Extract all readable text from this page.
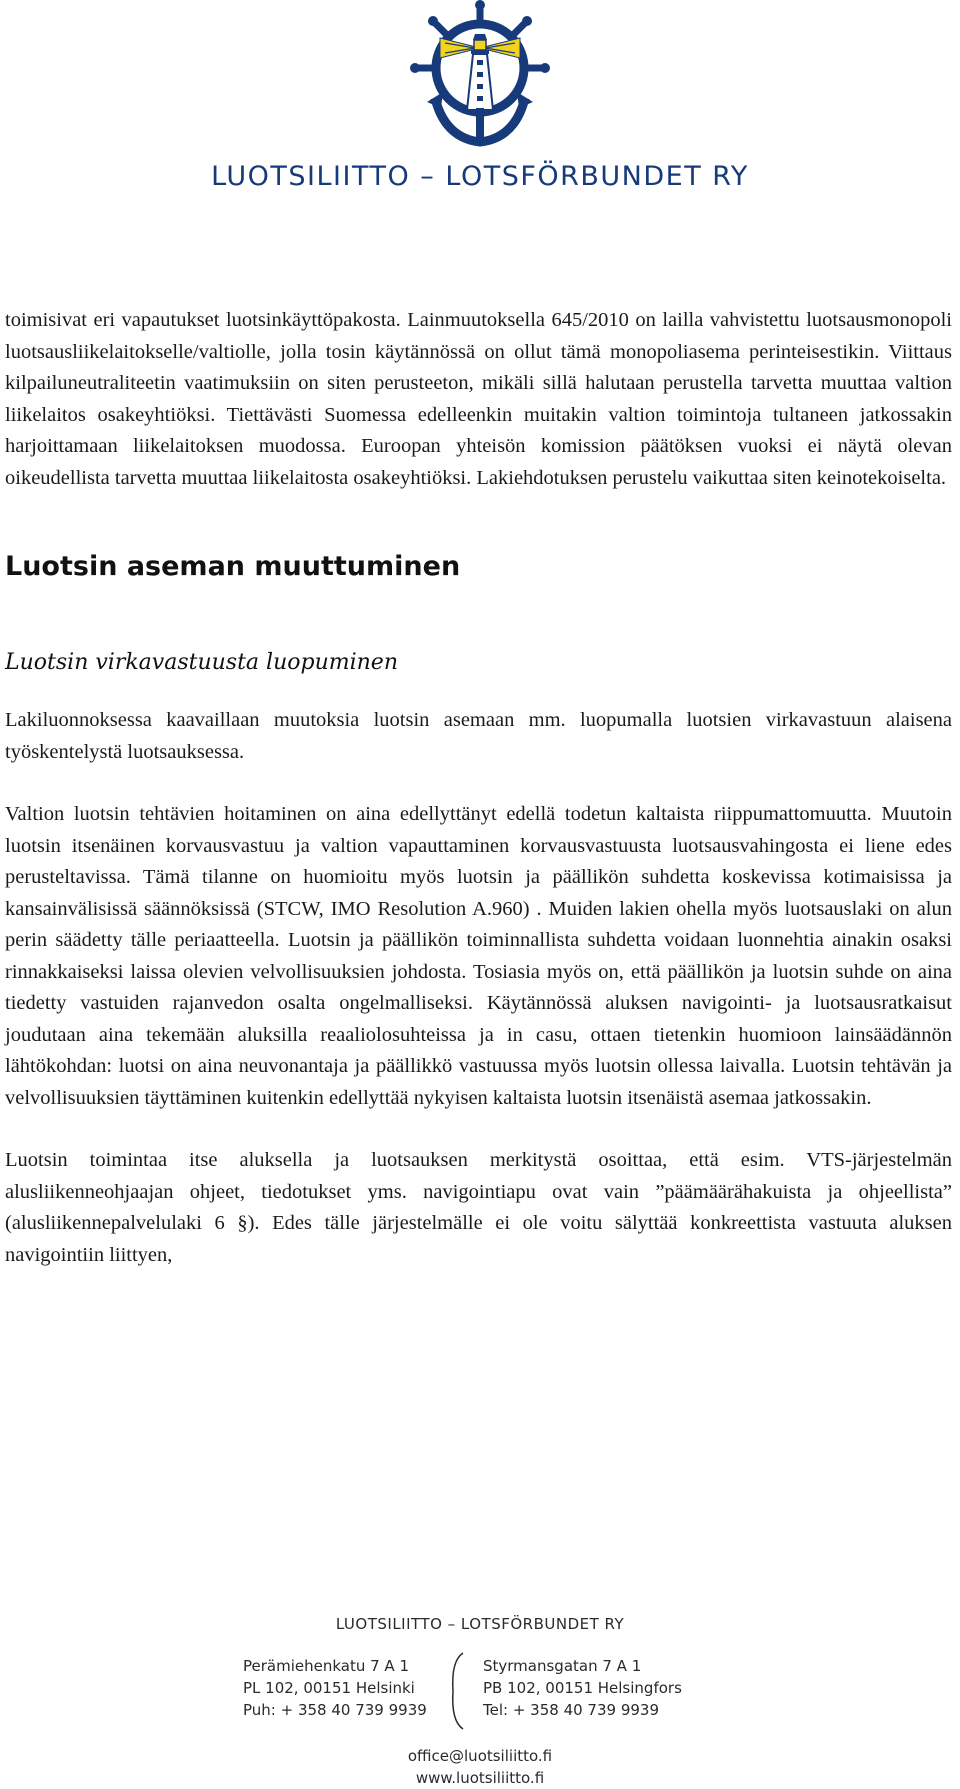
LUOTSILIITTO – LOTSFÖRBUNDET RY

toimisivat eri vapautukset luotsinkäyttöpakosta. Lainmuutoksella 645/2010 on lailla vahvistettu luotsausmonopoli luotsausliikelaitokselle/valtiolle, jolla tosin käytännössä on ollut tämä monopoliasema perinteisestikin. Viittaus kilpailuneutraliteetin vaatimuksiin on siten perusteeton, mikäli sillä halutaan perustella tarvetta muuttaa valtion liikelaitos osakeyhtiöksi. Tiettävästi Suomessa edelleenkin muitakin valtion toimintoja tultaneen jatkossakin harjoittamaan liikelaitoksen muodossa. Euroopan yhteisön komission päätöksen vuoksi ei näytä olevan oikeudellista tarvetta muuttaa liikelaitosta osakeyhtiöksi. Lakiehdotuksen perustelu vaikuttaa siten keinotekoiselta.

Luotsin aseman muuttuminen
Luotsin virkavastuusta luopuminen

Lakiluonnoksessa kaavaillaan muutoksia luotsin asemaan mm. luopumalla luotsien virkavastuun alaisena työskentelystä luotsauksessa.

Valtion luotsin tehtävien hoitaminen on aina edellyttänyt edellä todetun kaltaista riippumattomuutta. Muutoin luotsin itsenäinen korvausvastuu ja valtion vapauttaminen korvausvastuusta luotsausvahingosta ei liene edes perusteltavissa. Tämä tilanne on huomioitu myös luotsin ja päällikön suhdetta koskevissa kotimaisissa ja kansainvälisissä säännöksissä (STCW, IMO Resolution A.960) . Muiden lakien ohella myös luotsauslaki on alun perin säädetty tälle periaatteella. Luotsin ja päällikön toiminnallista suhdetta voidaan luonnehtia ainakin osaksi rinnakkaiseksi laissa olevien velvollisuuksien johdosta. Tosiasia myös on, että päällikön ja luotsin suhde on aina tiedetty vastuiden rajanvedon osalta ongelmalliseksi. Käytännössä aluksen navigointi- ja luotsausratkaisut joudutaan aina tekemään aluksilla reaaliolosuhteissa ja in casu, ottaen tietenkin huomioon lainsäädännön lähtökohdan: luotsi on aina neuvonantaja ja päällikkö vastuussa myös luotsin ollessa laivalla. Luotsin tehtävän ja velvollisuuksien täyttäminen kuitenkin edellyttää nykyisen kaltaista luotsin itsenäistä asemaa jatkossakin.

Luotsin toimintaa itse aluksella ja luotsauksen merkitystä osoittaa, että esim. VTS-järjestelmän alusliikenneohjaajan ohjeet, tiedotukset yms. navigointiapu ovat vain ”päämäärähakuista ja ohjeellista” (alusliikennepalvelulaki 6 §). Edes tälle järjestelmälle ei ole voitu sälyttää konkreettista vastuuta aluksen navigointiin liittyen,

LUOTSILIITTO – LOTSFÖRBUNDET RY
Perämiehenkatu 7 A 1
PL 102, 00151 Helsinki
Puh: + 358 40 739 9939
Styrmansgatan 7 A 1
PB 102, 00151 Helsingfors
Tel: + 358 40 739 9939
office@luotsiliitto.fi
www.luotsiliitto.fi
